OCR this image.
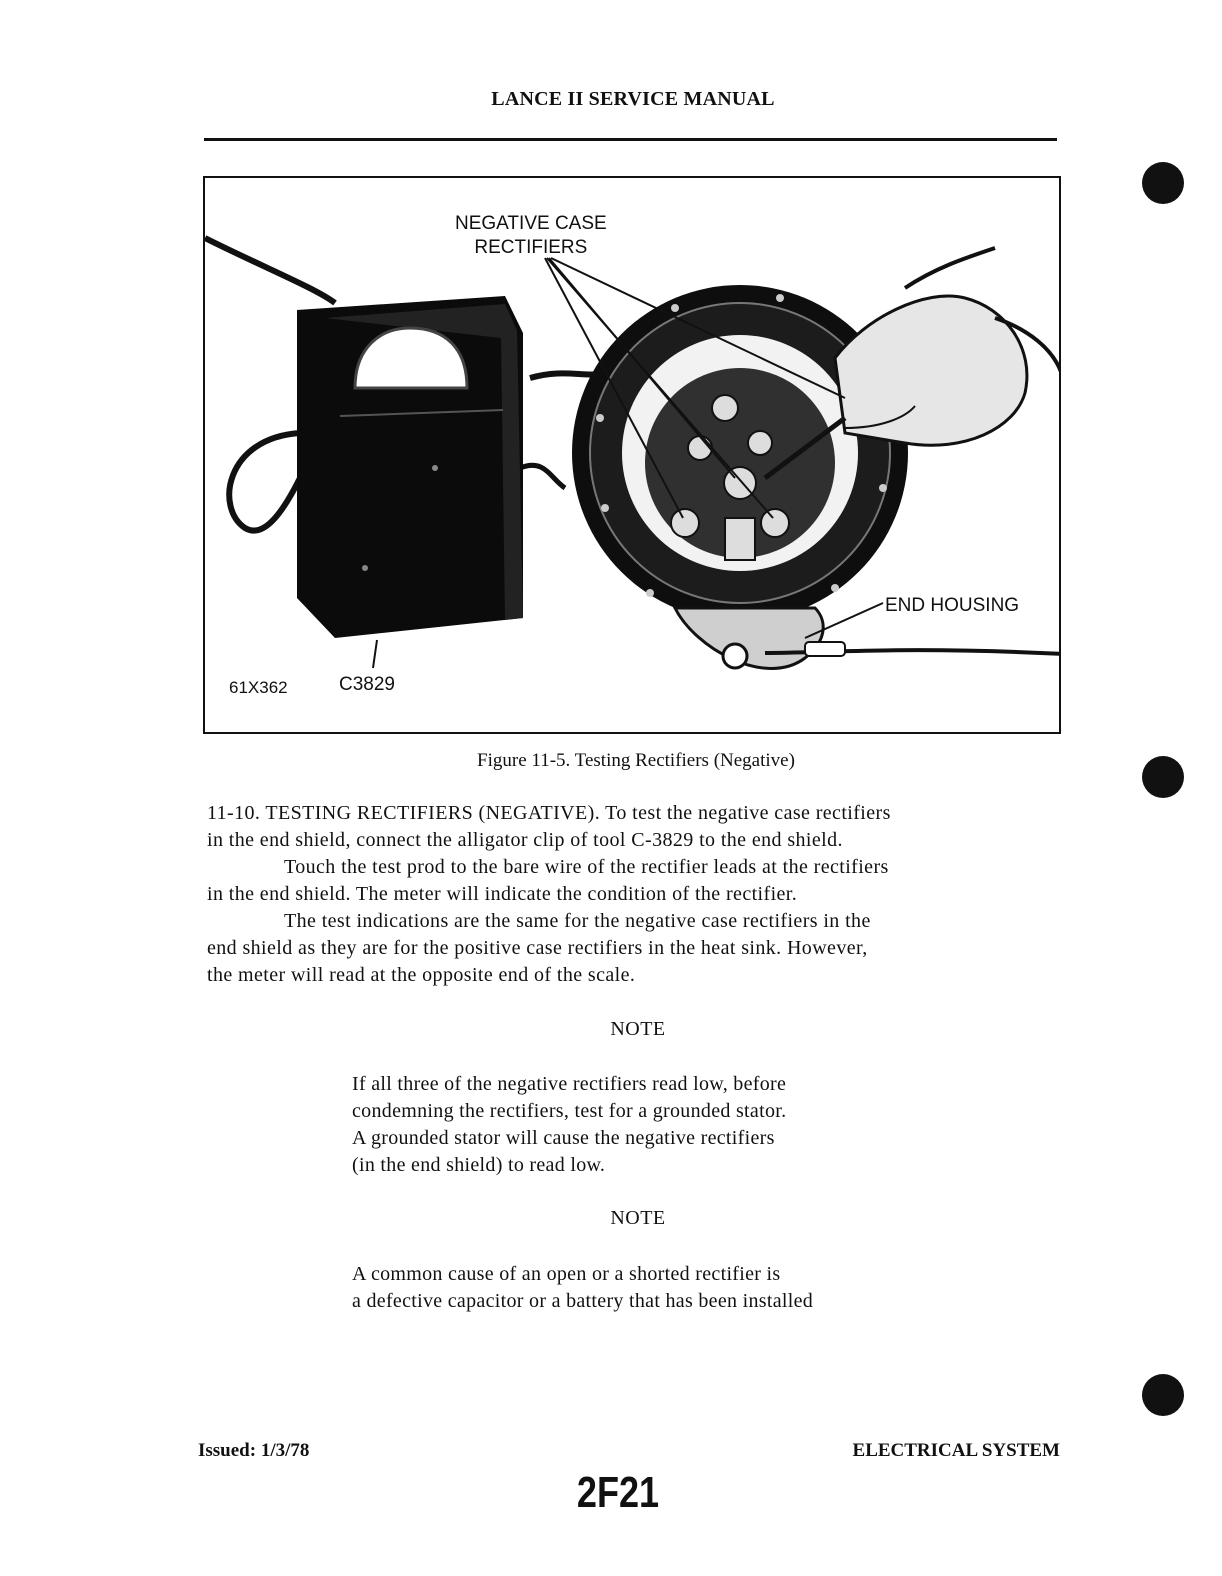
LANCE II SERVICE MANUAL
NEGATIVE CASE
RECTIFIERS
END HOUSING
61X362	C3829
Figure 11-5. Testing Rectifiers (Negative)
11-10. TESTING RECTIFIERS (NEGATIVE). To test the negative case rectifiers
in the end shield, connect the alligator clip of tool C-3829 to the end shield.
Touch the test prod to the bare wire of the rectifier leads at the rectifiers
in the end shield. The meter will indicate the condition of the rectifier.
The test indications are the same for the negative case rectifiers in the
end shield as they are for the positive case rectifiers in the heat sink. However,
the meter will read at the opposite end of the scale.
NOTE
If all three of the negative rectifiers read low, before
condemning the rectifiers, test for a grounded stator.
A grounded stator will cause the negative rectifiers
(in the end shield) to read low.
NOTE
A common cause of an open or a shorted rectifier is
a defective capacitor or a battery that has been installed
Issued: 1/3/78	ELECTRICAL SYSTEM
2F21
